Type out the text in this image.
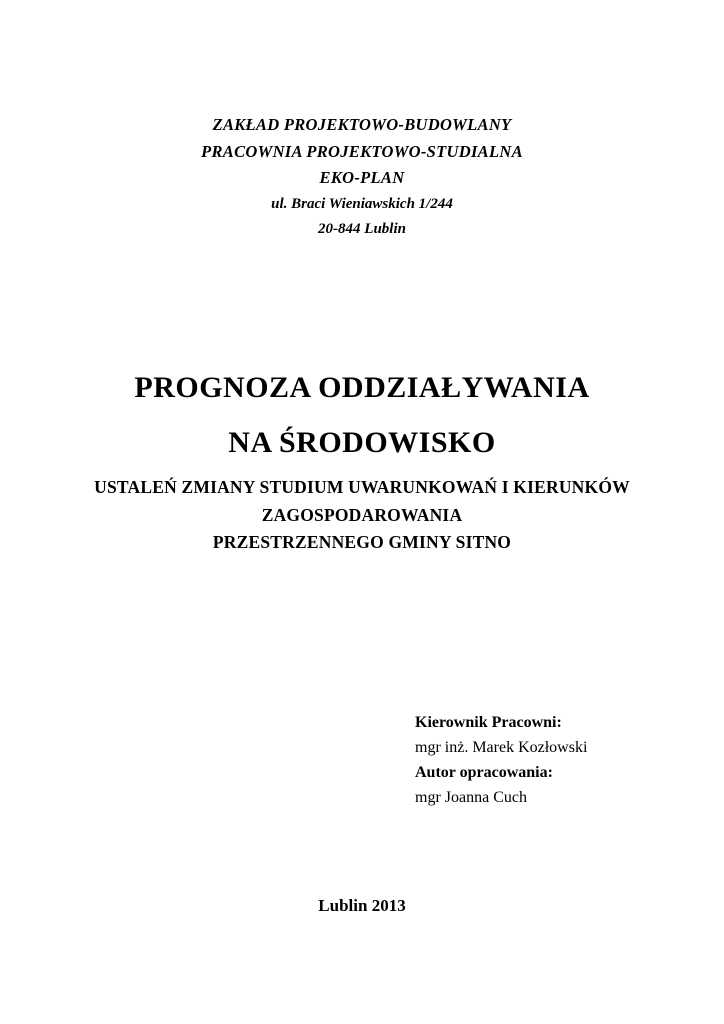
ZAKŁAD PROJEKTOWO-BUDOWLANY
PRACOWNIA PROJEKTOWO-STUDIALNA
EKO-PLAN
ul. Braci Wieniawskich 1/244
20-844 Lublin
PROGNOZA ODDZIAŁYWANIA
NA ŚRODOWISKO
USTALEŃ ZMIANY STUDIUM UWARUNKOWAŃ I KIERUNKÓW
ZAGOSPODAROWANIA
PRZESTRZENNEGO GMINY SITNO
Kierownik Pracowni:
mgr inż. Marek Kozłowski
Autor opracowania:
mgr Joanna Cuch
Lublin 2013
